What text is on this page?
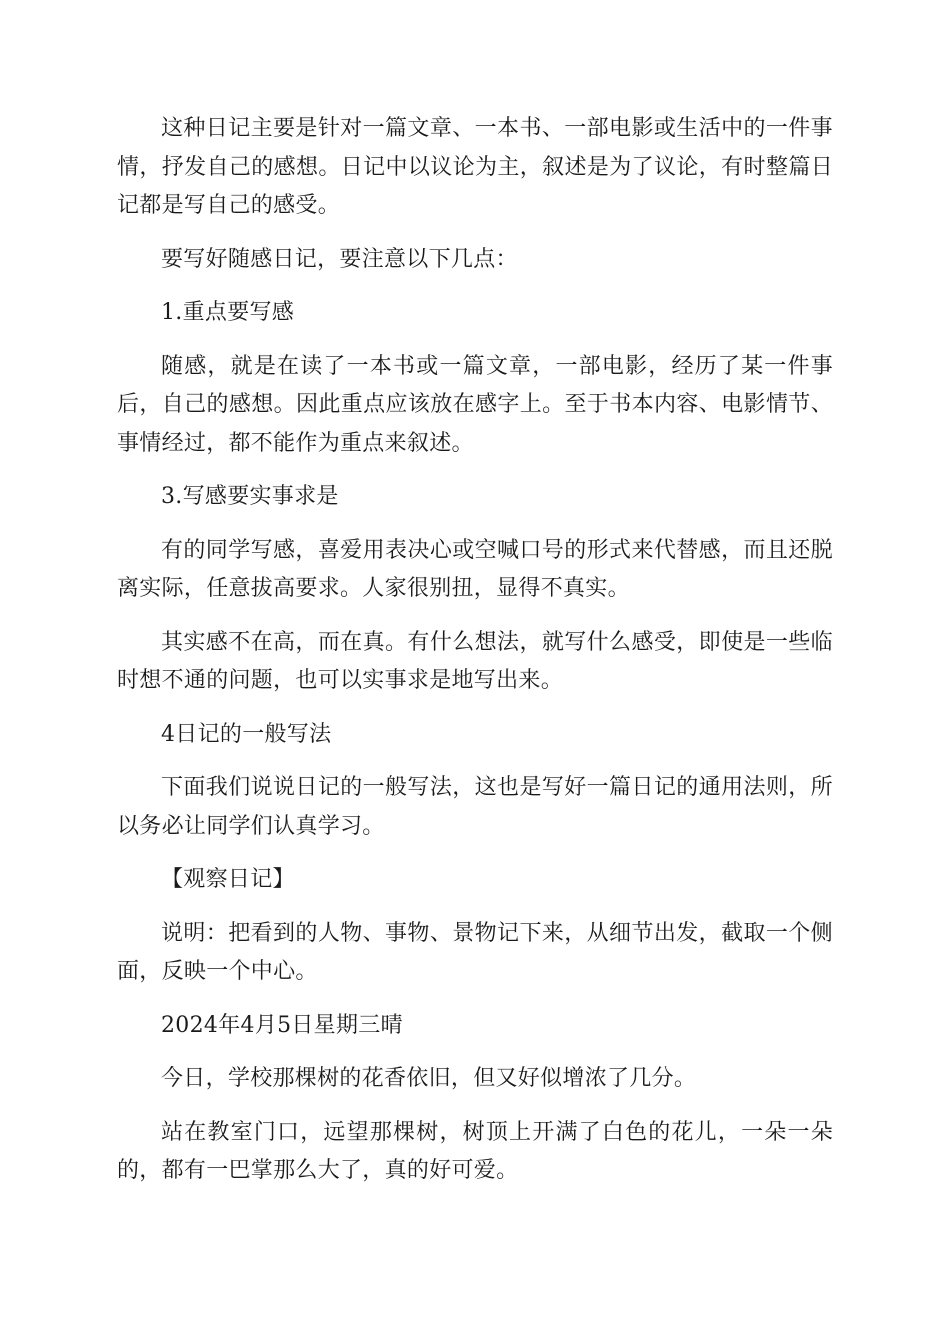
这种日记主要是针对一篇文章、一本书、一部电影或生活中的一件事情，抒发自己的感想。日记中以议论为主，叙述是为了议论，有时整篇日记都是写自己的感受。

要写好随感日记，要注意以下几点：

1.重点要写感

随感，就是在读了一本书或一篇文章，一部电影，经历了某一件事后，自己的感想。因此重点应该放在感字上。至于书本内容、电影情节、事情经过，都不能作为重点来叙述。

3.写感要实事求是

有的同学写感，喜爱用表决心或空喊口号的形式来代替感，而且还脱离实际，任意拔高要求。人家很别扭，显得不真实。

其实感不在高，而在真。有什么想法，就写什么感受，即使是一些临时想不通的问题，也可以实事求是地写出来。

4日记的一般写法

下面我们说说日记的一般写法，这也是写好一篇日记的通用法则，所以务必让同学们认真学习。

【观察日记】

说明：把看到的人物、事物、景物记下来，从细节出发，截取一个侧面，反映一个中心。

2024年4月5日星期三晴

今日，学校那棵树的花香依旧，但又好似增浓了几分。

站在教室门口，远望那棵树，树顶上开满了白色的花儿，一朵一朵的，都有一巴掌那么大了，真的好可爱。
